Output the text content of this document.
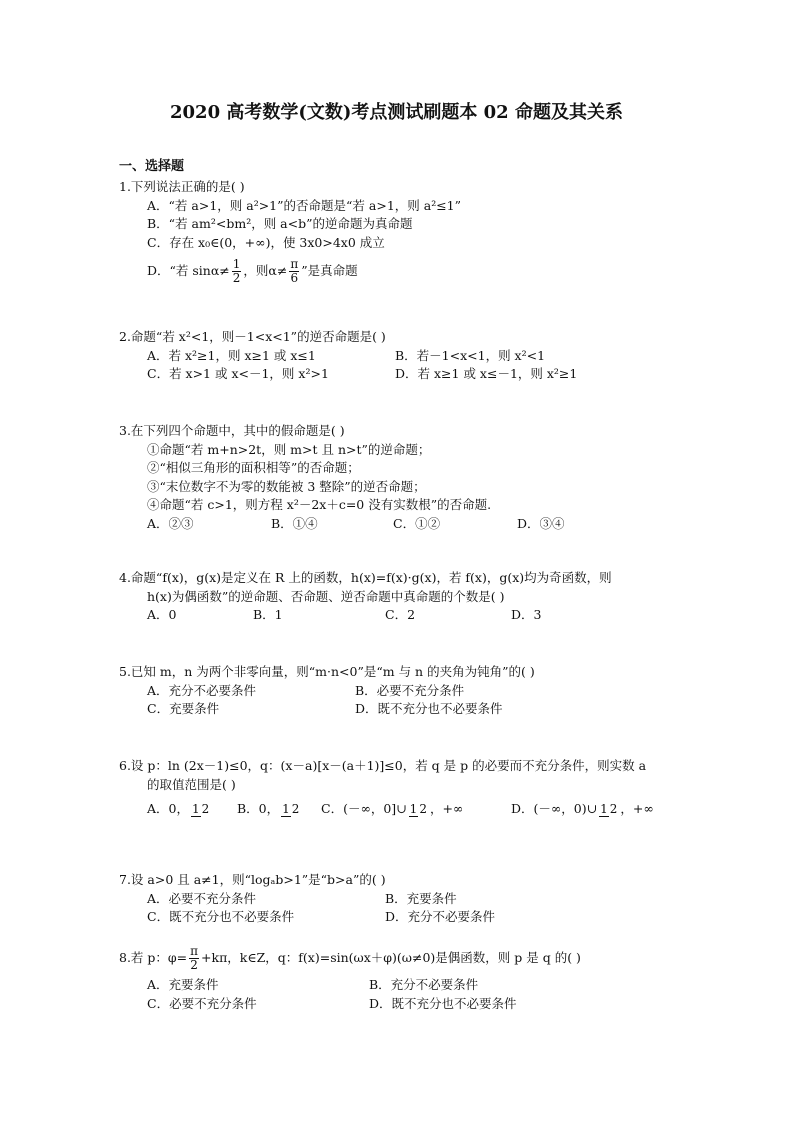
2020 高考数学(文数)考点测试刷题本 02 命题及其关系
一、选择题
1.下列说法正确的是( )
A．“若 a>1，则 a²>1”的否命题是“若 a>1，则 a²≤1”
B．“若 am²<bm²，则 a<b”的逆命题为真命题
C．存在 x₀∈(0，+∞)，使 3x0>4x0 成立
D．“若 $\sin\alpha\ne \frac{1}{2}$ ，则$\alpha\ne \frac{\pi}{6}$ ”是真命题
2.命题“若 x²<1，则－1<x<1”的逆否命题是( )
A．若 x²≥1，则 x≥1 或 x≤1	B．若－1<x<1，则 x²<1
C．若 x>1 或 x<－1，则 x²>1	D．若 x≥1 或 x≤－1，则 x²≥1
3.在下列四个命题中，其中的假命题是( )
①命题“若 m+n>2t，则 m>t 且 n>t”的逆命题；
②“相似三角形的面积相等”的否命题；
③“末位数字不为零的数能被 3 整除”的逆否命题；
④命题“若 c>1，则方程 x²－2x＋c=0 没有实数根”的否命题.
A．②③	B．①④	C．①②	D．③④
4.命题“f(x)，g(x)是定义在 R 上的函数，h(x)=f(x)·g(x)，若 f(x)，g(x)均为奇函数，则
h(x)为偶函数”的逆命题、否命题、逆否命题中真命题的个数是( )
A．0	B．1	C．2	D．3
5.已知 m，n 为两个非零向量，则“m·n<0”是“m 与 n 的夹角为钝角”的( )
A．充分不必要条件	B．必要不充分条件
C．充要条件	D．既不充分也不必要条件
6.设 p：ln (2x－1)≤0，q：(x－a)[x－(a＋1)]≤0，若 q 是 p 的必要而不充分条件，则实数 a
的取值范围是( )
A．0， 1 2	B．0， 1 2	C．(－∞，0]∪ 1 2 ，+∞	D．(－∞，0)∪ 1 2 ，+∞
7.设 a>0 且 a≠1，则“logₐb>1”是“b>a”的( )
A．必要不充分条件	B．充要条件
C．既不充分也不必要条件	D．充分不必要条件
8.若 p：$\varphi= \frac{\pi}{2} +k\pi$，k∈Z，q：f(x)=sin(ωx＋φ)(ω≠0)是偶函数，则 p 是 q 的( )
A．充要条件	B．充分不必要条件
C．必要不充分条件	D．既不充分也不必要条件
